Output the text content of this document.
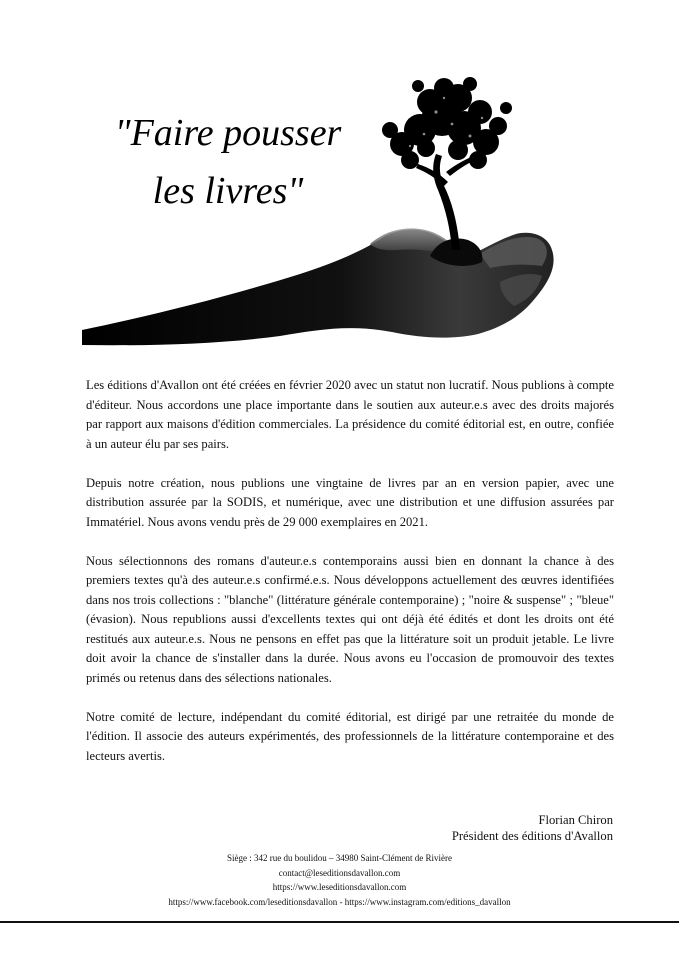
"Faire pousser
les livres"

Les éditions d'Avallon ont été créées en février 2020 avec un statut non lucratif. Nous publions à compte d'éditeur. Nous accordons une place importante dans le soutien aux auteur.e.s avec des droits majorés par rapport aux maisons d'édition commerciales. La présidence du comité éditorial est, en outre, confiée à un auteur élu par ses pairs.

Depuis notre création, nous publions une vingtaine de livres par an en version papier, avec une distribution assurée par la SODIS, et numérique, avec une distribution et une diffusion assurées par Immatériel. Nous avons vendu près de 29 000 exemplaires en 2021.

Nous sélectionnons des romans d'auteur.e.s contemporains aussi bien en donnant la chance à des premiers textes qu'à des auteur.e.s confirmé.e.s. Nous développons actuellement des œuvres identifiées dans nos trois collections : "blanche" (littérature générale contemporaine) ; "noire & suspense" ; "bleue" (évasion). Nous republions aussi d'excellents textes qui ont déjà été édités et dont les droits ont été restitués aux auteur.e.s. Nous ne pensons en effet pas que la littérature soit un produit jetable. Le livre doit avoir la chance de s'installer dans la durée. Nous avons eu l'occasion de promouvoir des textes primés ou retenus dans des sélections nationales.

Notre comité de lecture, indépendant du comité éditorial, est dirigé par une retraitée du monde de l'édition. Il associe des auteurs expérimentés, des professionnels de la littérature contemporaine et des lecteurs avertis.

Florian Chiron
Président des éditions d'Avallon
Siège : 342 rue du boulidou – 34980 Saint-Clément de Rivière
contact@leseditionsdavallon.com
https://www.leseditionsdavallon.com
https://www.facebook.com/leseditionsdavallon - https://www.instagram.com/editions_davallon
